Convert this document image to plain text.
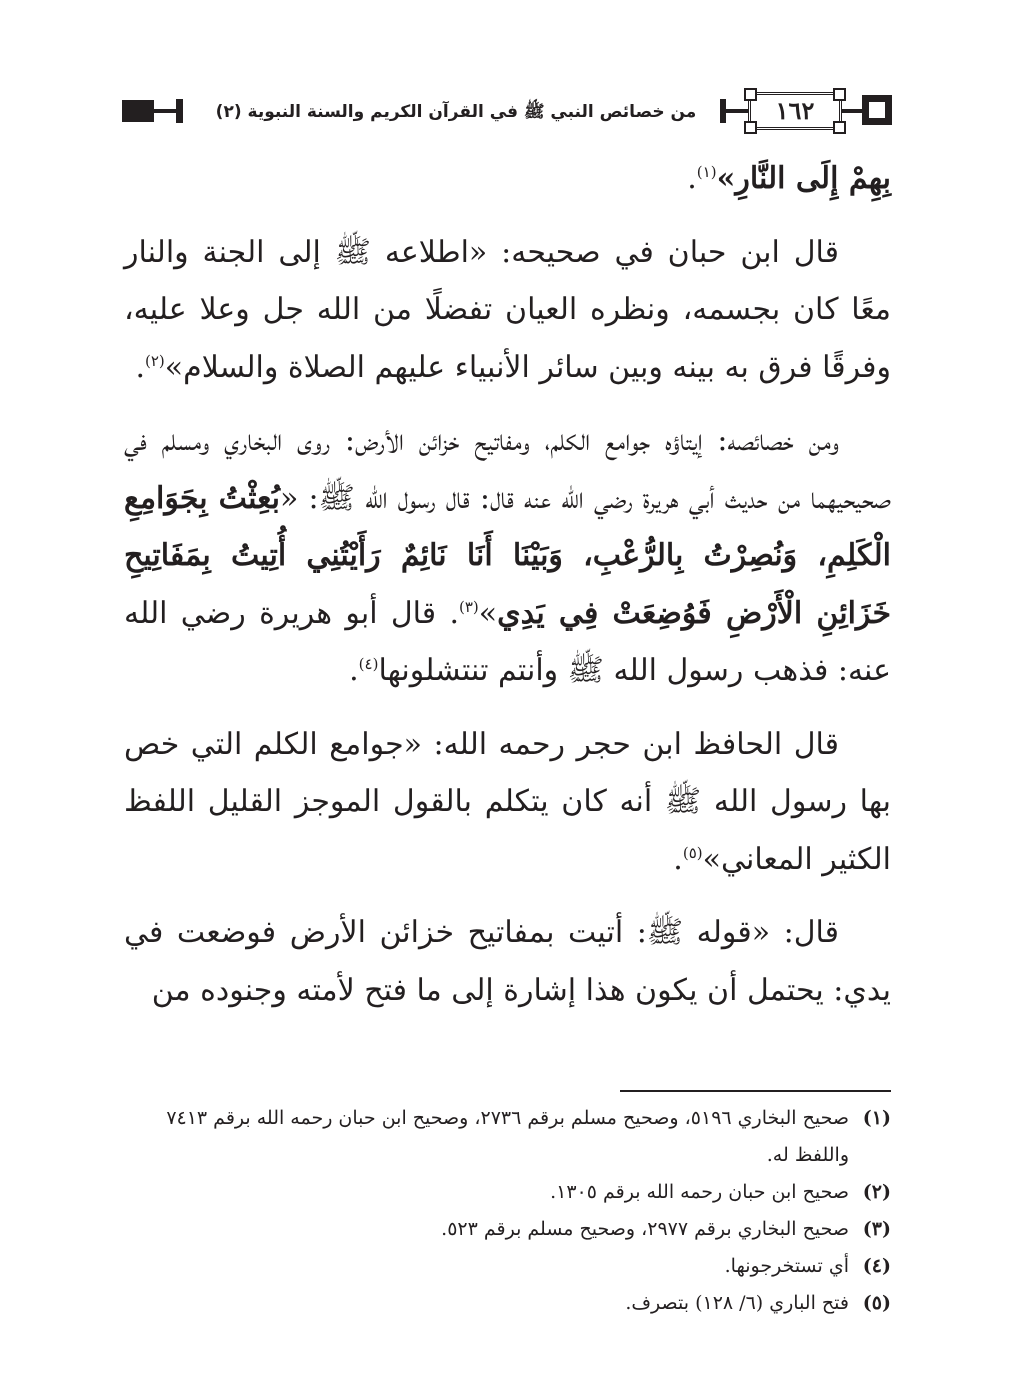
من خصائص النبي ﷺ في القرآن الكريم والسنة النبوية (٢)	١٦٢

بِهِمْ إِلَى النَّارِ»$^{(١)}$.

قال ابن حبان في صحيحه: «اطلاعه ﷺ إلى الجنة والنار معًا كان بجسمه، ونظره العيان تفضلًا من الله جل وعلا عليه، وفرقًا فرق به بينه وبين سائر الأنبياء عليهم الصلاة والسلام»$^{(٢)}$.

ومن خصائصه: إيتاؤه جوامع الكلم، ومفاتيح خزائن الأرض: روى البخاري ومسلم في صحيحيهما من حديث أبي هريرة رضي الله عنه قال: قال رسول الله ﷺ: «بُعِثْتُ بِجَوَامِعِ الْكَلِمِ، وَنُصِرْتُ بِالرُّعْبِ، وَبَيْنَا أَنَا نَائِمٌ رَأَيْتُنِي أُتِيتُ بِمَفَاتِيحِ خَزَائِنِ الْأَرْضِ فَوُضِعَتْ فِي يَدِي»$^{(٣)}$. قال أبو هريرة رضي الله عنه: فذهب رسول الله ﷺ وأنتم تنتشلونها$^{(٤)}$.

قال الحافظ ابن حجر رحمه الله: «جوامع الكلم التي خص بها رسول الله ﷺ أنه كان يتكلم بالقول الموجز القليل اللفظ الكثير المعاني»$^{(٥)}$.

قال: «قوله ﷺ: أتيت بمفاتيح خزائن الأرض فوضعت في يدي: يحتمل أن يكون هذا إشارة إلى ما فتح لأمته وجنوده من

(١)صحيح البخاري ٥١٩٦، وصحيح مسلم برقم ٢٧٣٦، وصحيح ابن حبان رحمه الله برقم ٧٤١٣ واللفظ له.

(٢)صحيح ابن حبان رحمه الله برقم ١٣٠٥.

(٣)صحيح البخاري برقم ٢٩٧٧، وصحيح مسلم برقم ٥٢٣.

(٤)أي تستخرجونها.

(٥)فتح الباري (٦/ ١٢٨) بتصرف.
